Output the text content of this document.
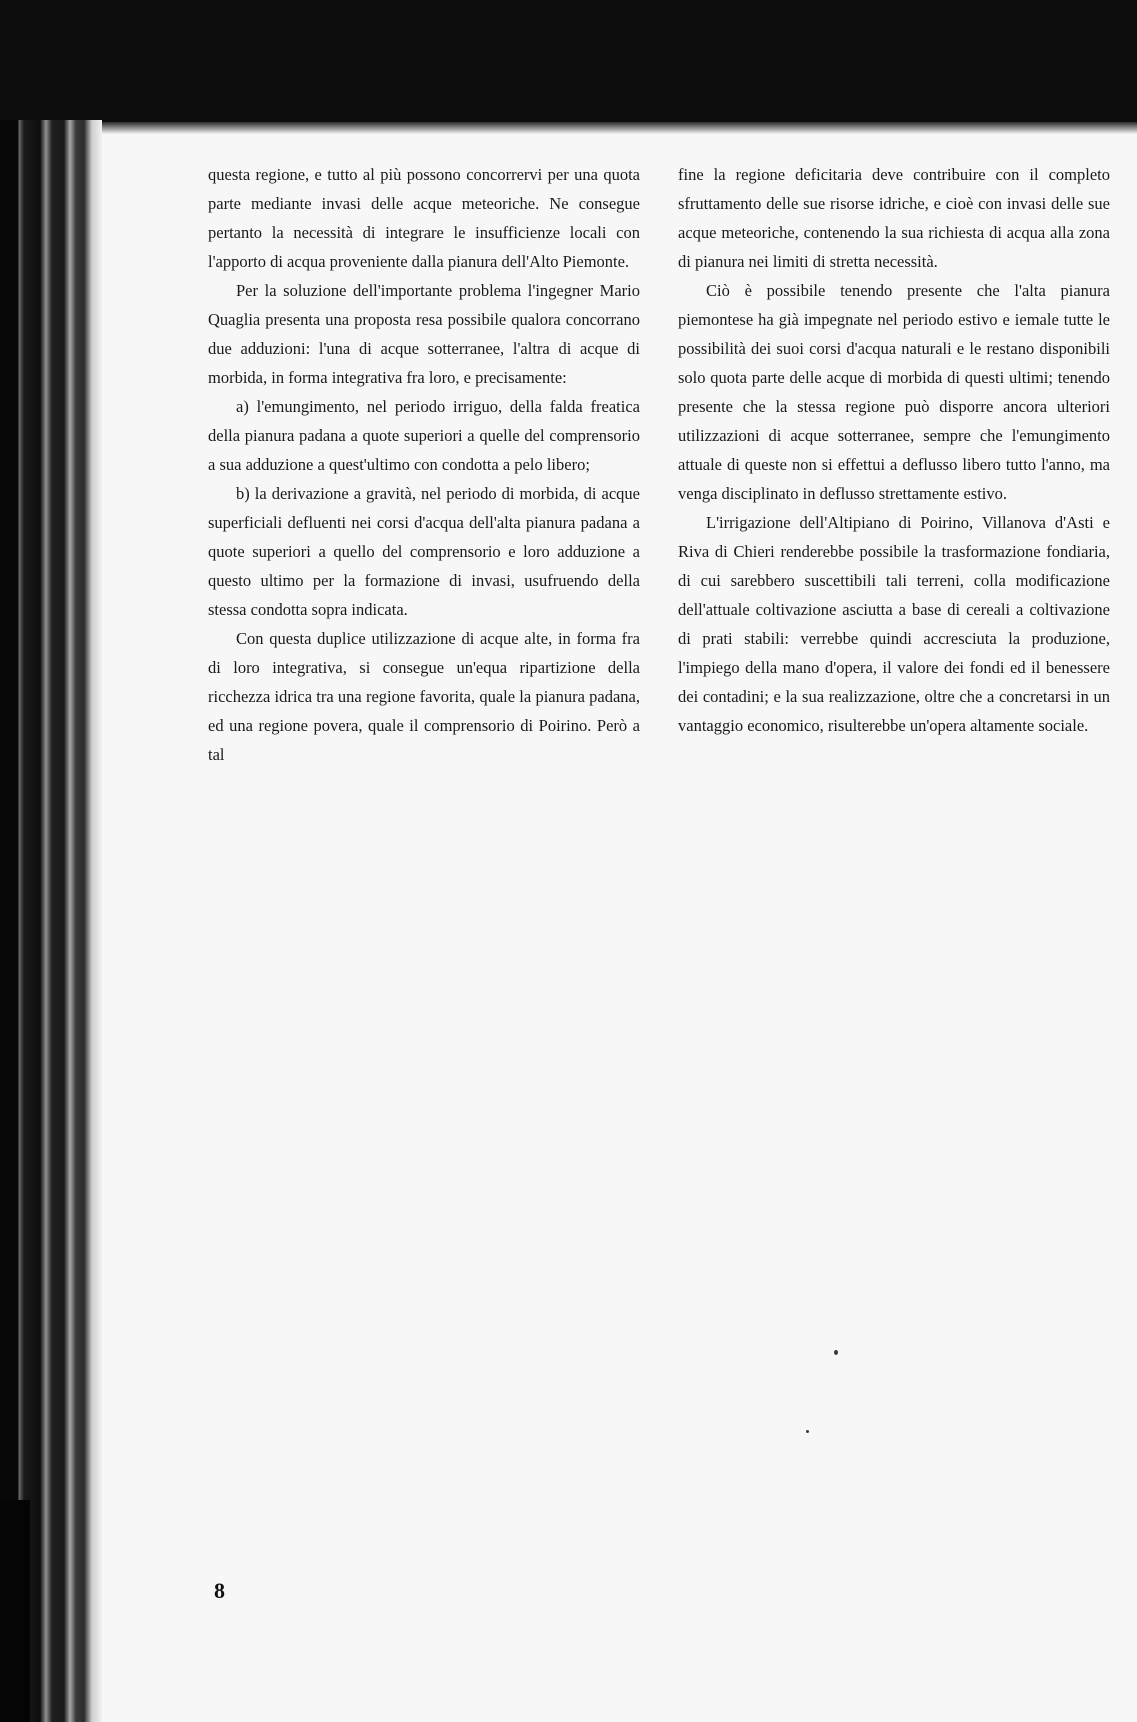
questa regione, e tutto al più possono concorrervi per una quota parte mediante invasi delle acque meteoriche. Ne consegue pertanto la necessità di integrare le insufficienze locali con l'apporto di acqua proveniente dalla pianura dell'Alto Piemonte.

Per la soluzione dell'importante problema l'ingegner Mario Quaglia presenta una proposta resa possibile qualora concorrano due adduzioni: l'una di acque sotterranee, l'altra di acque di morbida, in forma integrativa fra loro, e precisamente:

a) l'emungimento, nel periodo irriguo, della falda freatica della pianura padana a quote superiori a quelle del comprensorio a sua adduzione a quest'ultimo con condotta a pelo libero;

b) la derivazione a gravità, nel periodo di morbida, di acque superficiali defluenti nei corsi d'acqua dell'alta pianura padana a quote superiori a quello del comprensorio e loro adduzione a questo ultimo per la formazione di invasi, usufruendo della stessa condotta sopra indicata.

Con questa duplice utilizzazione di acque alte, in forma fra di loro integrativa, si consegue un'equa ripartizione della ricchezza idrica tra una regione favorita, quale la pianura padana, ed una regione povera, quale il comprensorio di Poirino. Però a tal

fine la regione deficitaria deve contribuire con il completo sfruttamento delle sue risorse idriche, e cioè con invasi delle sue acque meteoriche, contenendo la sua richiesta di acqua alla zona di pianura nei limiti di stretta necessità.

Ciò è possibile tenendo presente che l'alta pianura piemontese ha già impegnate nel periodo estivo e iemale tutte le possibilità dei suoi corsi d'acqua naturali e le restano disponibili solo quota parte delle acque di morbida di questi ultimi; tenendo presente che la stessa regione può disporre ancora ulteriori utilizzazioni di acque sotterranee, sempre che l'emungimento attuale di queste non si effettui a deflusso libero tutto l'anno, ma venga disciplinato in deflusso strettamente estivo.

L'irrigazione dell'Altipiano di Poirino, Villanova d'Asti e Riva di Chieri renderebbe possibile la trasformazione fondiaria, di cui sarebbero suscettibili tali terreni, colla modificazione dell'attuale coltivazione asciutta a base di cereali a coltivazione di prati stabili: verrebbe quindi accresciuta la produzione, l'impiego della mano d'opera, il valore dei fondi ed il benessere dei contadini; e la sua realizzazione, oltre che a concretarsi in un vantaggio economico, risulterebbe un'opera altamente sociale.

8
